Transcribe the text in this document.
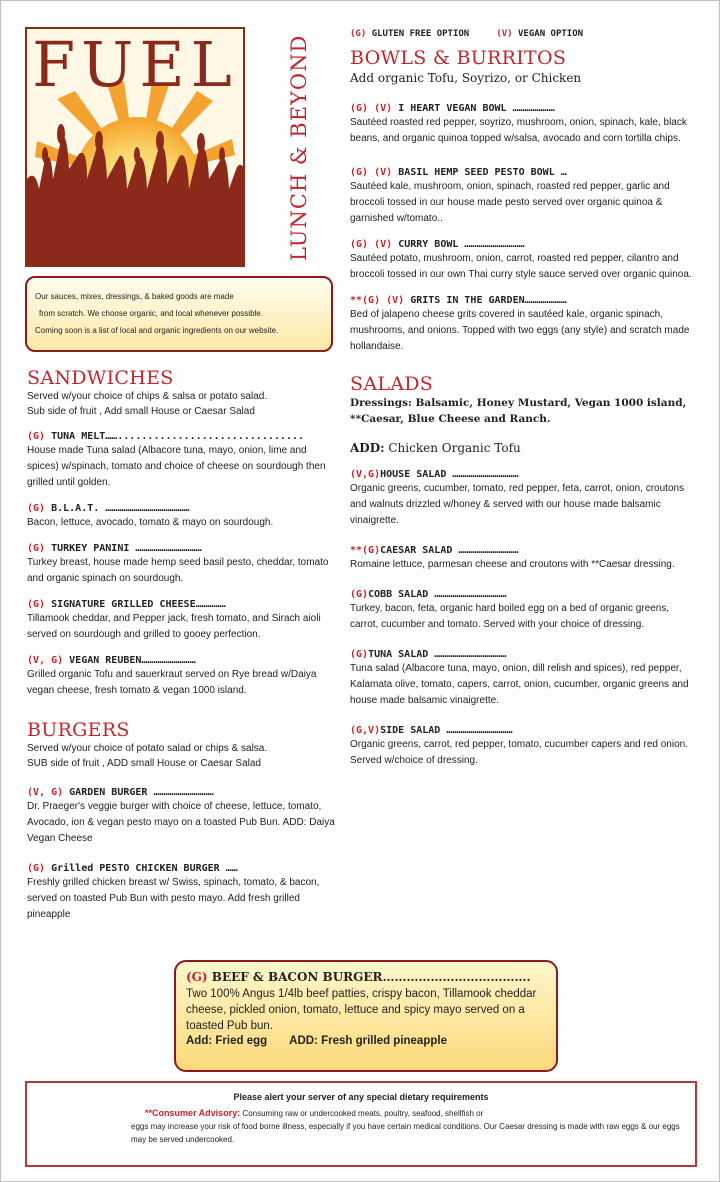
FUEL LUNCH & BEYOND
Our sauces, mixes, dressings, & baked goods are made
from scratch. We choose organic, and local whenever possible.
Coming soon is a list of local and organic ingredients on our website.
SANDWICHES
Served w/your choice of chips & salsa or potato salad.
Sub side of fruit , Add small House or Caesar Salad
(G) TUNA MELT……...............................
House made Tuna salad (Albacore tuna, mayo, onion, lime and spices) w/spinach, tomato and choice of cheese on sourdough then grilled until golden.
(G) B.L.A.T. ……………………………………
Bacon, lettuce, avocado, tomato & mayo on sourdough.
(G) TURKEY PANINI ……………………………
Turkey breast, house made hemp seed basil pesto, cheddar, tomato and organic spinach on sourdough.
(G) SIGNATURE GRILLED CHEESE……………
Tillamook cheddar, and Pepper jack, fresh tomato, and Sirach aioli served on sourdough and grilled to gooey perfection.
(V, G) VEGAN REUBEN………………………
Grilled organic Tofu and sauerkraut served on Rye bread w/Daiya vegan cheese, fresh tomato & vegan 1000 island.
BURGERS
Served w/your choice of potato salad or chips & salsa.
SUB side of fruit , ADD small House or Caesar Salad
(V, G) GARDEN BURGER …………………………
Dr. Praeger's veggie burger with choice of cheese, lettuce, tomato, Avocado, ion & vegan pesto mayo on a toasted Pub Bun. ADD: Daiya Vegan Cheese
(G) Grilled PESTO CHICKEN BURGER ……
Freshly grilled chicken breast w/ Swiss, spinach, tomato, & bacon, served on toasted Pub Bun with pesto mayo. Add fresh grilled pineapple
(G) GLUTEN FREE OPTION	(V) VEGAN OPTION
BOWLS & BURRITOS
Add organic Tofu, Soyrizo, or Chicken
(G) (V) I HEART VEGAN BOWL …………………
Sautéed roasted red pepper, soyrizo, mushroom, onion, spinach, kale, black beans, and organic quinoa topped w/salsa, avocado and corn tortilla chips.
(G) (V) BASIL HEMP SEED PESTO BOWL …
Sautéed kale, mushroom, onion, spinach, roasted red pepper, garlic and broccoli tossed in our house made pesto served over organic quinoa & garnished w/tomato..
(G) (V) CURRY BOWL …………………………
Sautéed potato, mushroom, onion, carrot, roasted red pepper, cilantro and broccoli tossed in our own Thai curry style sauce served over organic quinoa.
**(G) (V) GRITS IN THE GARDEN…………………
Bed of jalapeno cheese grits covered in sautéed kale, organic spinach, mushrooms, and onions. Topped with two eggs (any style) and scratch made hollandaise.
SALADS
Dressings: Balsamic, Honey Mustard, Vegan 1000 island,
**Caesar, Blue Cheese and Ranch.
ADD: Chicken Organic Tofu
(V,G)HOUSE SALAD ……………………………
Organic greens, cucumber, tomato, red pepper, feta, carrot, onion, croutons and walnuts drizzled w/honey & served with our house made balsamic vinaigrette.
**(G)CAESAR SALAD …………………………
Romaine lettuce, parmesan cheese and croutons with **Caesar dressing.
(G)COBB SALAD ………………………………
Turkey, bacon, feta, organic hard boiled egg on a bed of organic greens, carrot, cucumber and tomato. Served with your choice of dressing.
(G)TUNA SALAD ………………………………
Tuna salad (Albacore tuna, mayo, onion, dill relish and spices), red pepper, Kalamata olive, tomato, capers, carrot, onion, cucumber, organic greens and house made balsamic vinaigrette.
(G,V)SIDE SALAD ……………………………
Organic greens, carrot, red pepper, tomato, cucumber capers and red onion. Served w/choice of dressing.
(G) BEEF & BACON BURGER……………………………….
Two 100% Angus 1/4lb beef patties, crispy bacon, Tillamook cheddar cheese, pickled onion, tomato, lettuce and spicy mayo served on a toasted Pub bun.
Add: Fried egg ADD: Fresh grilled pineapple
Please alert your server of any special dietary requirements
**Consumer Advisory: Consuming raw or undercooked meats, poultry, seafood, shellfish or
eggs may increase your risk of food borne illness, especially if you have certain medical conditions. Our Caesar dressing is made with raw eggs & our eggs may be served undercooked.
